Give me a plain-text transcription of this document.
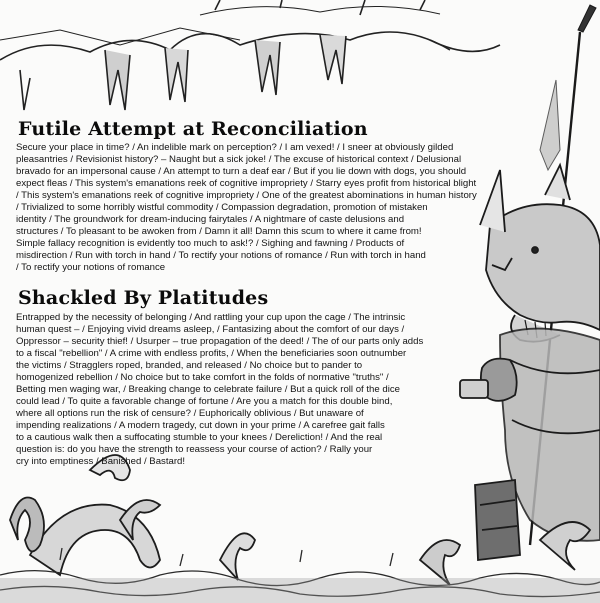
Futile Attempt at Reconciliation
Secure your place in time? / An indelible mark on perception? / I am vexed! / I sneer at obviously gilded
pleasantries / Revisionist history? – Naught but a sick joke! / The excuse of historical context / Delusional
bravado for an impersonal cause / An attempt to turn a deaf ear / But if you lie down with dogs, you should
expect fleas / This system's emanations reek of cognitive impropriety / Starry eyes profit from historical blight
/ This system's emanations reek of cognitive impropriety / One of the greatest abominations in human history
/ Trivialized to some horribly wistful commodity / Compassion degradation, promotion of mistaken
identity / The groundwork for dream-inducing fairytales / A nightmare of caste delusions and
structures / To pleasant to be awoken from / Damn it all! Damn this scum to where it came from!
Simple fallacy recognition is evidently too much to ask!? / Sighing and fawning / Products of
misdirection / Run with torch in hand / To rectify your notions of romance / Run with torch in hand
/ To rectify your notions of romance
Shackled By Platitudes
Entrapped by the necessity of belonging / And rattling your cup upon the cage / The intrinsic
human quest – / Enjoying vivid dreams asleep, / Fantasizing about the comfort of our days /
Oppressor – security thief! / Usurper – true propagation of the deed! / The of our parts only adds
to a fiscal "rebellion" / A crime with endless profits, / When the beneficiaries soon outnumber
the victims / Stragglers roped, branded, and released / No choice but to pander to
homogenized rebellion / No choice but to take comfort in the folds of normative "truths" /
Betting men waging war, / Breaking change to celebrate failure / But a quick roll of the dice
could lead / To quite a favorable change of fortune / Are you a match for this double bind,
where all options run the risk of censure? / Euphorically oblivious / But unaware of
impending realizations / A modern tragedy, cut down in your prime / A carefree gait falls
to a cautious walk then a suffocating stumble to your knees / Dereliction! / And the real
question is: do you have the strength to reassess your course of action? / Rally your
cry into emptiness / Banished / Bastard!
